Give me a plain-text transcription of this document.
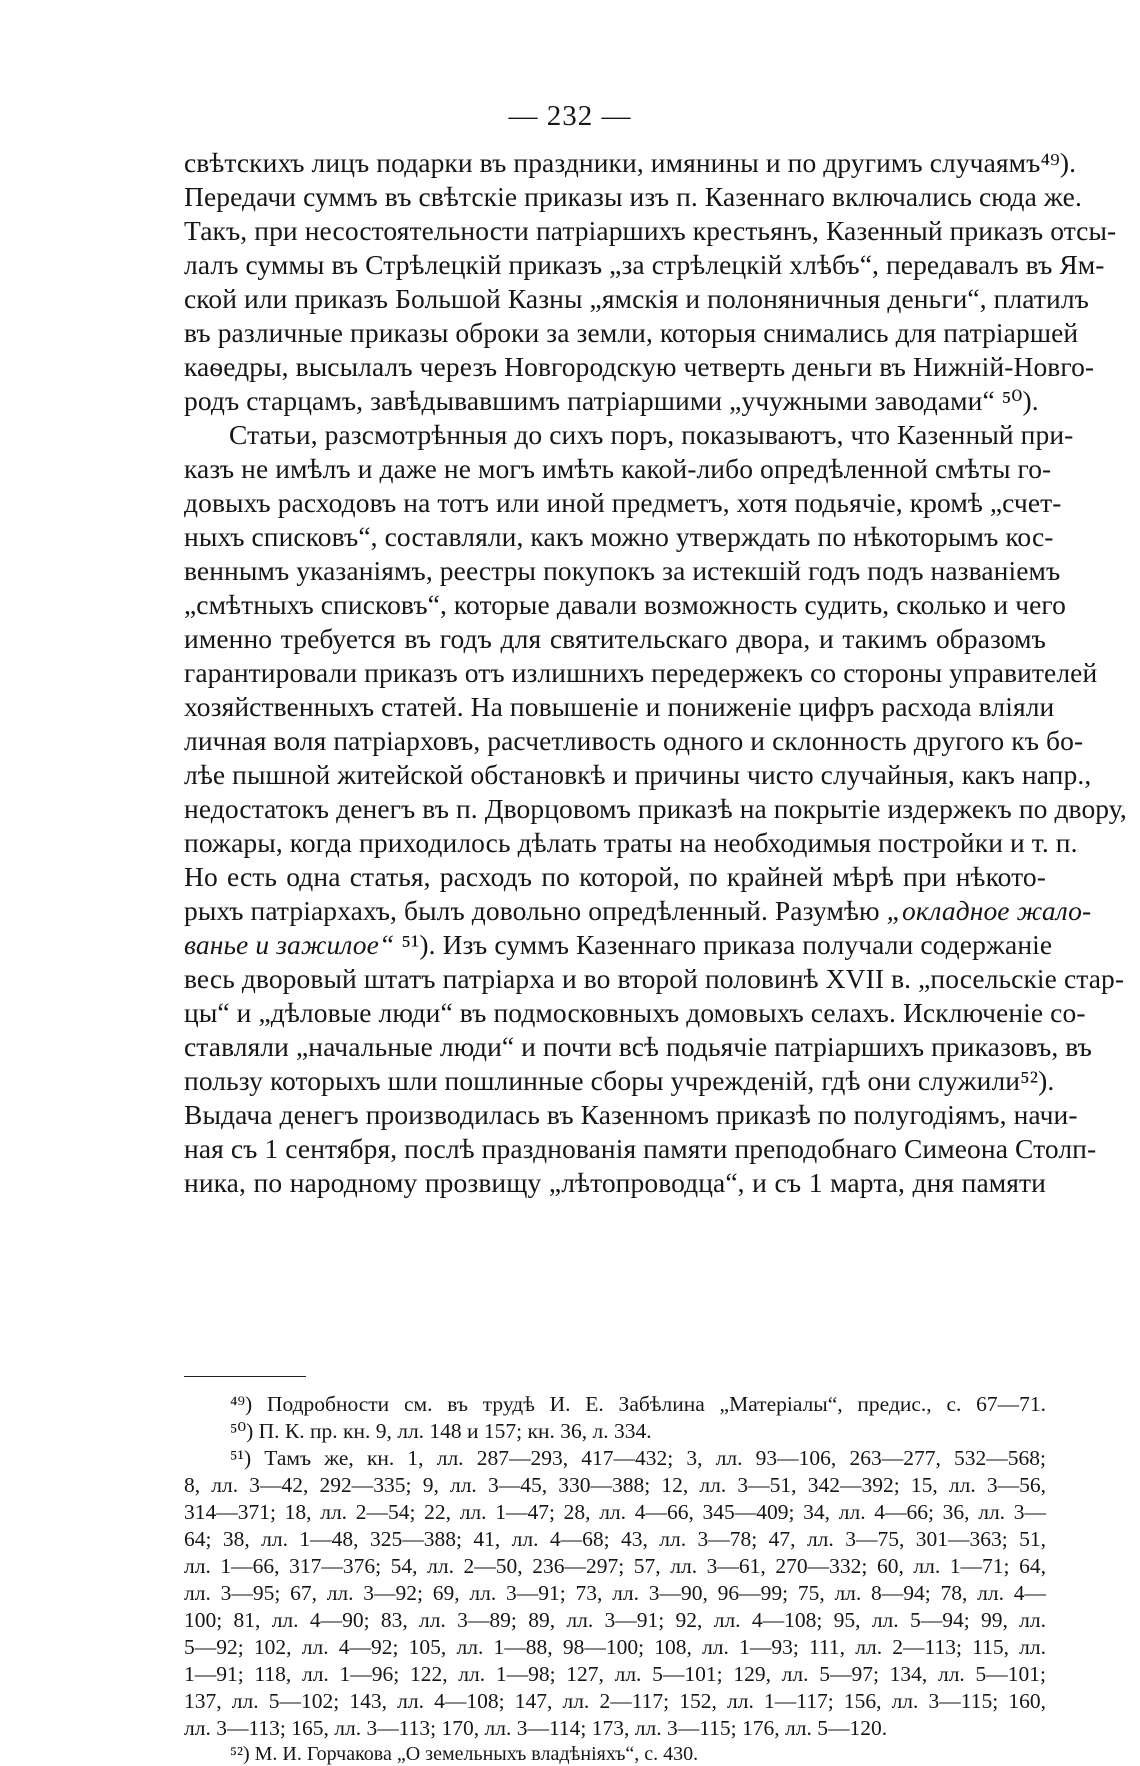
— 232 —
свѣтскихъ лицъ подарки въ праздники, имянины и по другимъ случаямъ⁴⁹).
Передачи суммъ въ свѣтскіе приказы изъ п. Казеннаго включались сюда же.
Такъ, при несостоятельности патріаршихъ крестьянъ, Казенный приказъ отсы-
лалъ суммы въ Стрѣлецкій приказъ „за стрѣлецкій хлѣбъ“, передавалъ въ Ям-
ской или приказъ Большой Казны „ямскія и полоняничныя деньги“, платилъ
въ различные приказы оброки за земли, которыя снимались для патріаршей
каѳедры, высылалъ черезъ Новгородскую четверть деньги въ Нижній-Новго-
родъ старцамъ, завѣдывавшимъ патріаршими „учужными заводами“ ⁵⁰).
Статьи, разсмотрѣнныя до сихъ поръ, показываютъ, что Казенный при-
казъ не имѣлъ и даже не могъ имѣть какой-либо опредѣленной смѣты го-
довыхъ расходовъ на тотъ или иной предметъ, хотя подьячіе, кромѣ „счет-
ныхъ списковъ“, составляли, какъ можно утверждать по нѣкоторымъ кос-
веннымъ указаніямъ, реестры покупокъ за истекшій годъ подъ названіемъ
„смѣтныхъ списковъ“, которые давали возможность судить, сколько и чего
именно требуется въ годъ для святительскаго двора, и такимъ образомъ
гарантировали приказъ отъ излишнихъ передержекъ со стороны управителей
хозяйственныхъ статей. На повышеніе и пониженіе цифръ расхода вліяли
личная воля патріарховъ, расчетливость одного и склонность другого къ бо-
лѣе пышной житейской обстановкѣ и причины чисто случайныя, какъ напр.,
недостатокъ денегъ въ п. Дворцовомъ приказѣ на покрытіе издержекъ по двору,
пожары, когда приходилось дѣлать траты на необходимыя постройки и т. п.
Но есть одна статья, расходъ по которой, по крайней мѣрѣ при нѣкото-
рыхъ патріархахъ, былъ довольно опредѣленный. Разумѣю „окладное жало-
ванье и зажилое“ ⁵¹). Изъ суммъ Казеннаго приказа получали содержаніе
весь дворовый штатъ патріарха и во второй половинѣ XVII в. „посельскіе стар-
цы“ и „дѣловые люди“ въ подмосковныхъ домовыхъ селахъ. Исключеніе со-
ставляли „начальные люди“ и почти всѣ подьячіе патріаршихъ приказовъ, въ
пользу которыхъ шли пошлинные сборы учрежденій, гдѣ они служили⁵²).
Выдача денегъ производилась въ Казенномъ приказѣ по полугодіямъ, начи-
ная съ 1 сентября, послѣ празднованія памяти преподобнаго Симеона Столп-
ника, по народному прозвищу „лѣтопроводца“, и съ 1 марта, дня памяти
⁴⁹) Подробности см. въ трудѣ И. Е. Забѣлина „Матеріалы“, предис., с. 67—71.
⁵⁰) П. К. пр. кн. 9, лл. 148 и 157; кн. 36, л. 334.
⁵¹) Тамъ же, кн. 1, лл. 287—293, 417—432; 3, лл. 93—106, 263—277, 532—568;
8, лл. 3—42, 292—335; 9, лл. 3—45, 330—388; 12, лл. 3—51, 342—392; 15, лл. 3—56,
314—371; 18, лл. 2—54; 22, лл. 1—47; 28, лл. 4—66, 345—409; 34, лл. 4—66; 36, лл. 3—
64; 38, лл. 1—48, 325—388; 41, лл. 4—68; 43, лл. 3—78; 47, лл. 3—75, 301—363; 51,
лл. 1—66, 317—376; 54, лл. 2—50, 236—297; 57, лл. 3—61, 270—332; 60, лл. 1—71; 64,
лл. 3—95; 67, лл. 3—92; 69, лл. 3—91; 73, лл. 3—90, 96—99; 75, лл. 8—94; 78, лл. 4—
100; 81, лл. 4—90; 83, лл. 3—89; 89, лл. 3—91; 92, лл. 4—108; 95, лл. 5—94; 99, лл.
5—92; 102, лл. 4—92; 105, лл. 1—88, 98—100; 108, лл. 1—93; 111, лл. 2—113; 115, лл.
1—91; 118, лл. 1—96; 122, лл. 1—98; 127, лл. 5—101; 129, лл. 5—97; 134, лл. 5—101;
137, лл. 5—102; 143, лл. 4—108; 147, лл. 2—117; 152, лл. 1—117; 156, лл. 3—115; 160,
лл. 3—113; 165, лл. 3—113; 170, лл. 3—114; 173, лл. 3—115; 176, лл. 5—120.
⁵²) М. И. Горчакова „О земельныхъ владѣніяхъ“, с. 430.
